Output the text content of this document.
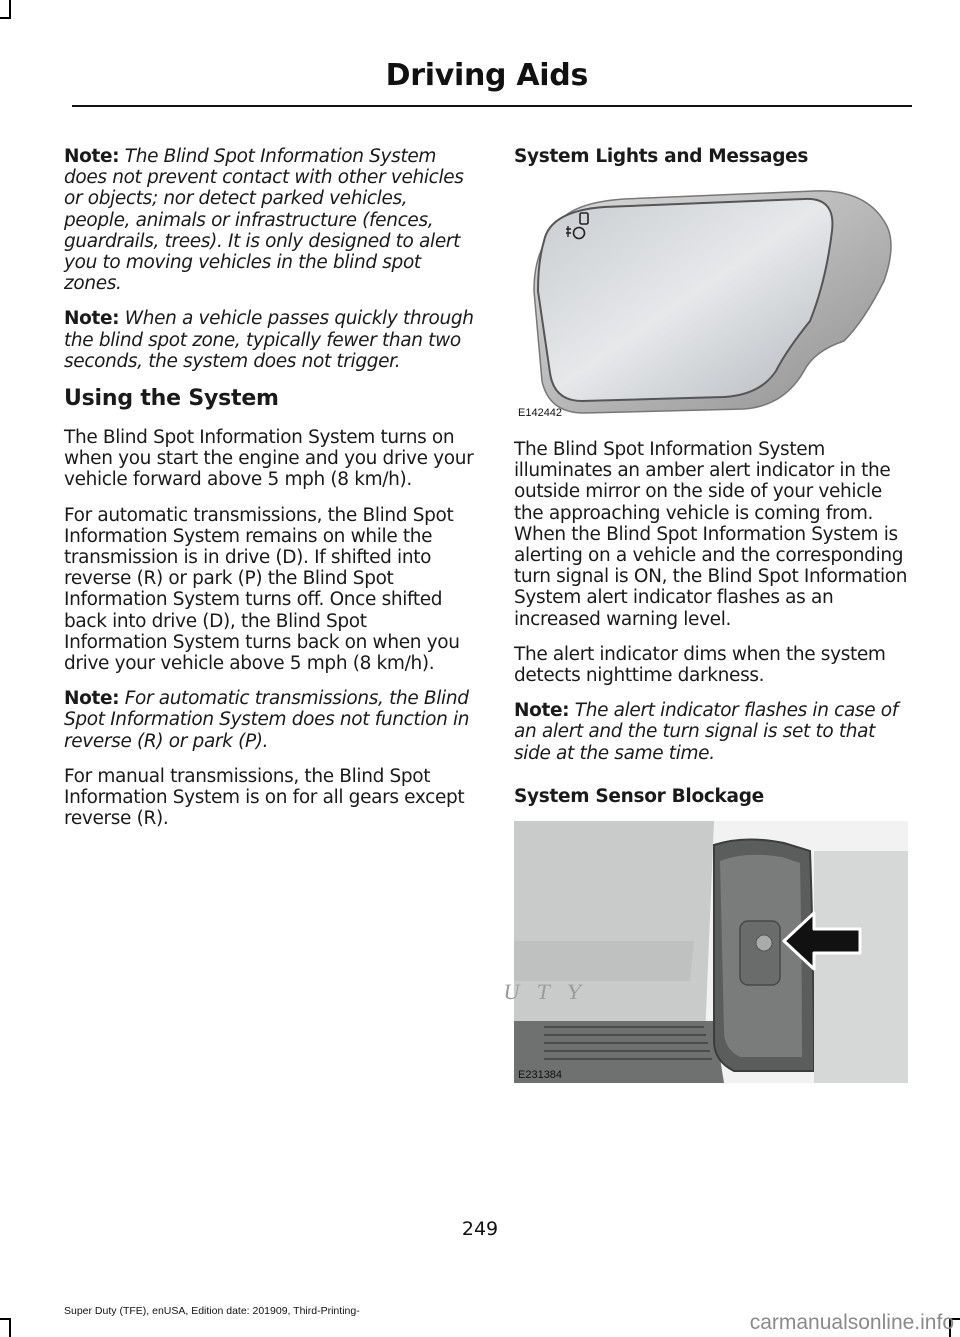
Driving Aids

Note: The Blind Spot Information System does not prevent contact with other vehicles or objects; nor detect parked vehicles, people, animals or infrastructure (fences, guardrails, trees). It is only designed to alert you to moving vehicles in the blind spot zones.

Note: When a vehicle passes quickly through the blind spot zone, typically fewer than two seconds, the system does not trigger.

Using the System

The Blind Spot Information System turns on when you start the engine and you drive your vehicle forward above 5 mph (8 km/h).

For automatic transmissions, the Blind Spot Information System remains on while the transmission is in drive (D). If shifted into reverse (R) or park (P) the Blind Spot Information System turns off. Once shifted back into drive (D), the Blind Spot Information System turns back on when you drive your vehicle above 5 mph (8 km/h).

Note: For automatic transmissions, the Blind Spot Information System does not function in reverse (R) or park (P).

For manual transmissions, the Blind Spot Information System is on for all gears except reverse (R).

System Lights and Messages
E142442

The Blind Spot Information System illuminates an amber alert indicator in the outside mirror on the side of your vehicle the approaching vehicle is coming from. When the Blind Spot Information System is alerting on a vehicle and the corresponding turn signal is ON, the Blind Spot Information System alert indicator flashes as an increased warning level.

The alert indicator dims when the system detects nighttime darkness.

Note: The alert indicator flashes in case of an alert and the turn signal is set to that side at the same time.

System Sensor Blockage
U T Y
E231384
249
Super Duty (TFE), enUSA, Edition date: 201909, Third-Printing-	carmanualsonline.info
